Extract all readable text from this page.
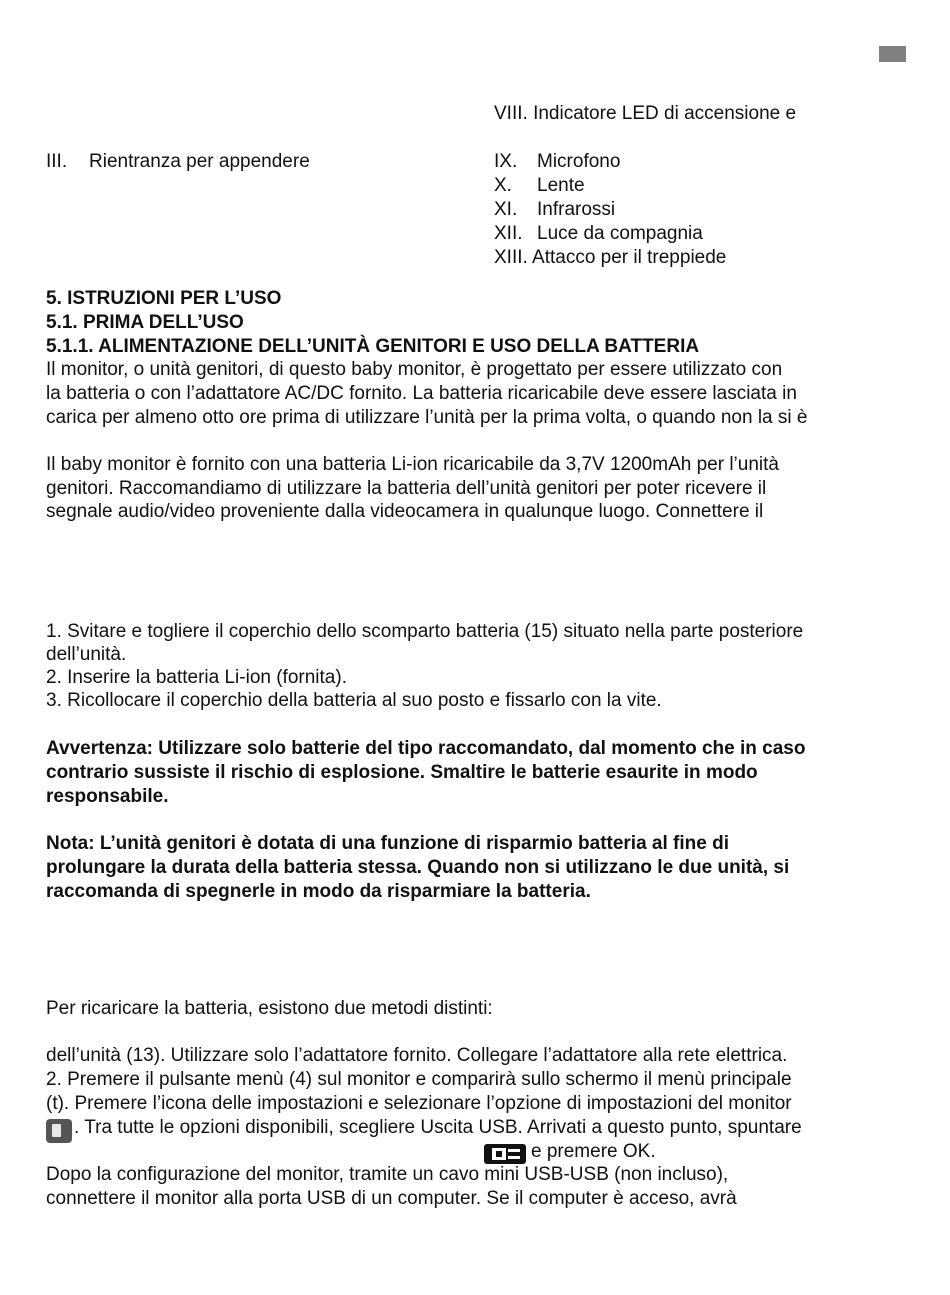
VIII. Indicatore LED di accensione e
III. Rientranza per appendere	IX. Microfono
X. Lente
XI. Infrarossi
XII. Luce da compagnia
XIII. Attacco per il treppiede
5. ISTRUZIONI PER L’USO
5.1. PRIMA DELL’USO
5.1.1. ALIMENTAZIONE DELL’UNITÀ GENITORI E USO DELLA BATTERIA
Il monitor, o unità genitori, di questo baby monitor, è progettato per essere utilizzato con
la batteria o con l’adattatore AC/DC fornito. La batteria ricaricabile deve essere lasciata in
carica per almeno otto ore prima di utilizzare l’unità per la prima volta, o quando non la si è
Il baby monitor è fornito con una batteria Li-ion ricaricabile da 3,7V 1200mAh per l’unità
genitori. Raccomandiamo di utilizzare la batteria dell’unità genitori per poter ricevere il
segnale audio/video proveniente dalla videocamera in qualunque luogo. Connettere il
1. Svitare e togliere il coperchio dello scomparto batteria (15) situato nella parte posteriore
dell’unità.
2. Inserire la batteria Li-ion (fornita).
3. Ricollocare il coperchio della batteria al suo posto e fissarlo con la vite.
Avvertenza: Utilizzare solo batterie del tipo raccomandato, dal momento che in caso
contrario sussiste il rischio di esplosione. Smaltire le batterie esaurite in modo
responsabile.
Nota: L’unità genitori è dotata di una funzione di risparmio batteria al fine di
prolungare la durata della batteria stessa. Quando non si utilizzano le due unità, si
raccomanda di spegnerle in modo da risparmiare la batteria.
Per ricaricare la batteria, esistono due metodi distinti:
dell’unità (13). Utilizzare solo l’adattatore fornito. Collegare l’adattatore alla rete elettrica.
2. Premere il pulsante menù (4) sul monitor e comparirà sullo schermo il menù principale
(t). Premere l’icona delle impostazioni e selezionare l’opzione di impostazioni del monitor
. Tra tutte le opzioni disponibili, scegliere Uscita USB. Arrivati a questo punto, spuntare
e premere OK.
Dopo la configurazione del monitor, tramite un cavo mini USB-USB (non incluso),
connettere il monitor alla porta USB di un computer. Se il computer è acceso, avrà
